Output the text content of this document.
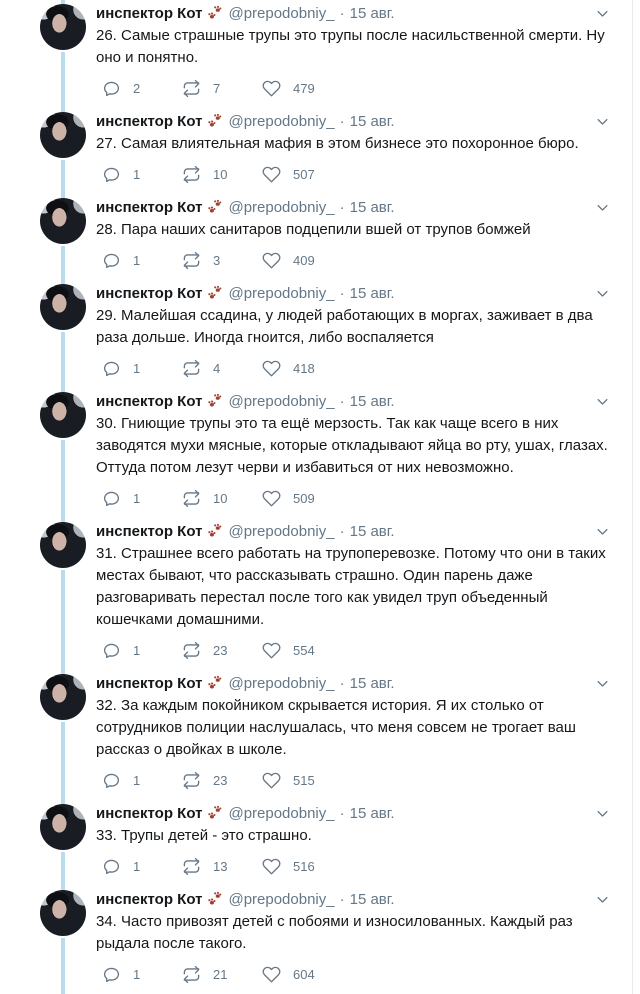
инспектор Кот @prepodobniy_ · 15 авг.

26. Самые страшные трупы это трупы после насильственной смерти. Ну оно и понятно.

2	7	479
инспектор Кот @prepodobniy_ · 15 авг.

27. Самая влиятельная мафия в этом бизнесе это похоронное бюро.

1	10	507
инспектор Кот @prepodobniy_ · 15 авг.

28. Пара наших санитаров подцепили вшей от трупов бомжей

1	3	409
инспектор Кот @prepodobniy_ · 15 авг.

29. Малейшая ссадина, у людей работающих в моргах, заживает в два раза дольше. Иногда гноится, либо воспаляется

1	4	418
инспектор Кот @prepodobniy_ · 15 авг.

30. Гниющие трупы это та ещё мерзость. Так как чаще всего в них заводятся мухи мясные, которые откладывают яйца во рту, ушах, глазах. Оттуда потом лезут черви и избавиться от них невозможно.

1	10	509
инспектор Кот @prepodobniy_ · 15 авг.

31. Страшнее всего работать на трупоперевозке. Потому что они в таких местах бывают, что рассказывать страшно. Один парень даже разговаривать перестал после того как увидел труп объеденный кошечками домашними.

1	23	554
инспектор Кот @prepodobniy_ · 15 авг.

32. За каждым покойником скрывается история. Я их столько от сотрудников полиции наслушалась, что меня совсем не трогает ваш рассказ о двойках в школе.

1	23	515
инспектор Кот @prepodobniy_ · 15 авг.

33. Трупы детей - это страшно.

1	13	516
инспектор Кот @prepodobniy_ · 15 авг.

34. Часто привозят детей с побоями и износилованных. Каждый раз рыдала после такого.

1	21	604
